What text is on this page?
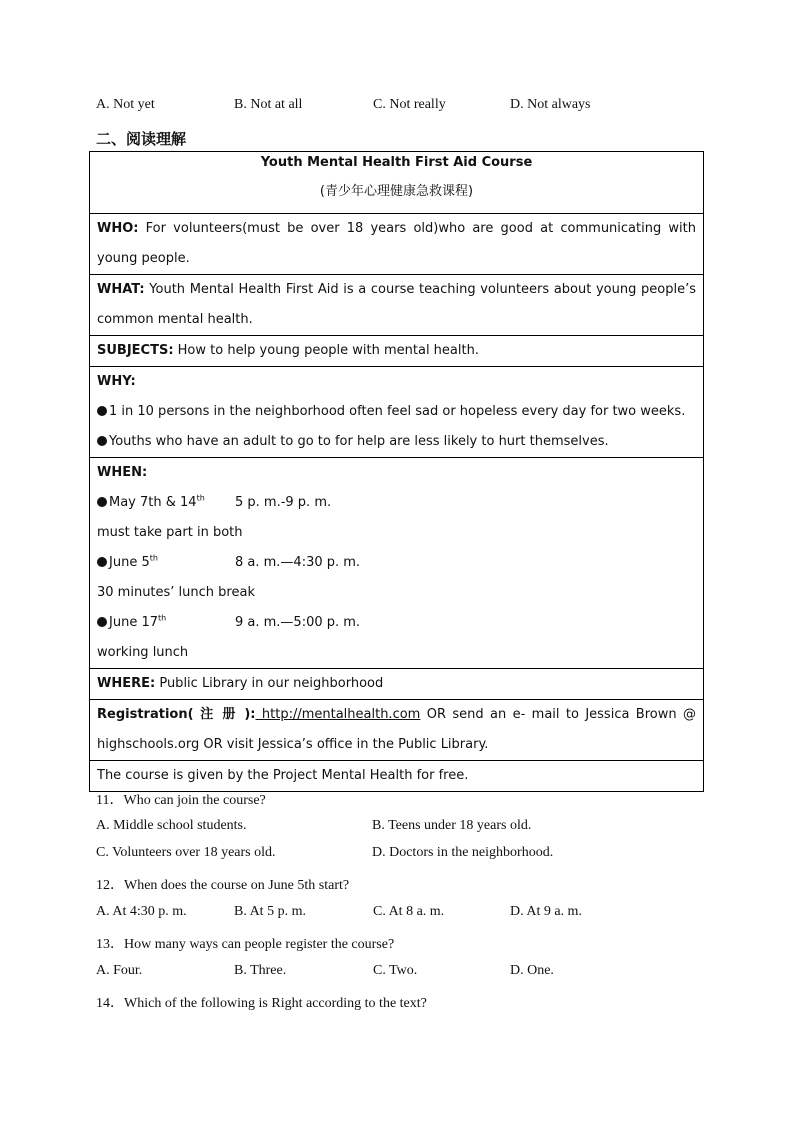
A. Not yet	B. Not at all	C. Not really	D. Not always
二、阅读理解
Youth Mental Health First Aid Course
(青少年心理健康急救课程)
WHO: For volunteers(must be over 18 years old)who are good at communicating with
young people.
WHAT: Youth Mental Health First Aid is a course teaching volunteers about young people’s
common mental health.
SUBJECTS: How to help young people with mental health.
WHY:
1 in 10 persons in the neighborhood often feel sad or hopeless every day for two weeks.
Youths who have an adult to go to for help are less likely to hurt themselves.
WHEN:
May 7th & 14th 5 p. m.-9 p. m.
must take part in both
June 5th	8 a. m.—4:30 p. m.
30 minutes’ lunch break
June 17th	9 a. m.—5:00 p. m.
working lunch
WHERE: Public Library in our neighborhood
Registration( 注 册 ): http://mentalhealth.com OR send an e- mail to Jessica Brown @
highschools.org OR visit Jessica’s office in the Public Library.
The course is given by the Project Mental Health for free.
11．Who can join the course?
A. Middle school students.	B. Teens under 18 years old.
C. Volunteers over 18 years old.	D. Doctors in the neighborhood.
12．When does the course on June 5th start?
A. At 4:30 p. m.	B. At 5 p. m.	C. At 8 a. m.	D. At 9 a. m.
13．How many ways can people register the course?
A. Four.	B. Three.	C. Two.	D. One.
14．Which of the following is Right according to the text?
